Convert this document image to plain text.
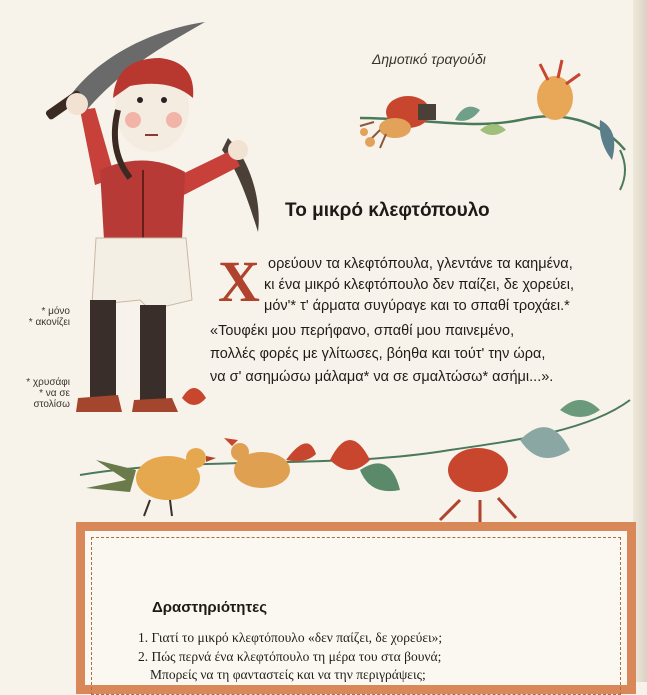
Δημοτικό τραγούδι
Το μικρό κλεφτόπουλο
Χ ορεύουν τα κλεφτόπουλα, γλεντάνε τα καημένα,
κι ένα μικρό κλεφτόπουλο δεν παίζει, δε χορεύει,
μόν'* τ' άρματα συγύραγε και το σπαθί τροχάει.*
«Τουφέκι μου περήφανο, σπαθί μου παινεμένο,
πολλές φορές με γλίτωσες, βόηθα και τούτ' την ώρα,
να σ' ασημώσω μάλαμα* να σε σμαλτώσω* ασήμι...».
* μόνο
* ακονίζει
* χρυσάφι
* να σε
στολίσω
Δραστηριότητες
1. Γιατί το μικρό κλεφτόπουλο «δεν παίζει, δε χορεύει»;
2. Πώς περνά ένα κλεφτόπουλο τη μέρα του στα βουνά;
Μπορείς να τη φανταστείς και να την περιγράψεις;
